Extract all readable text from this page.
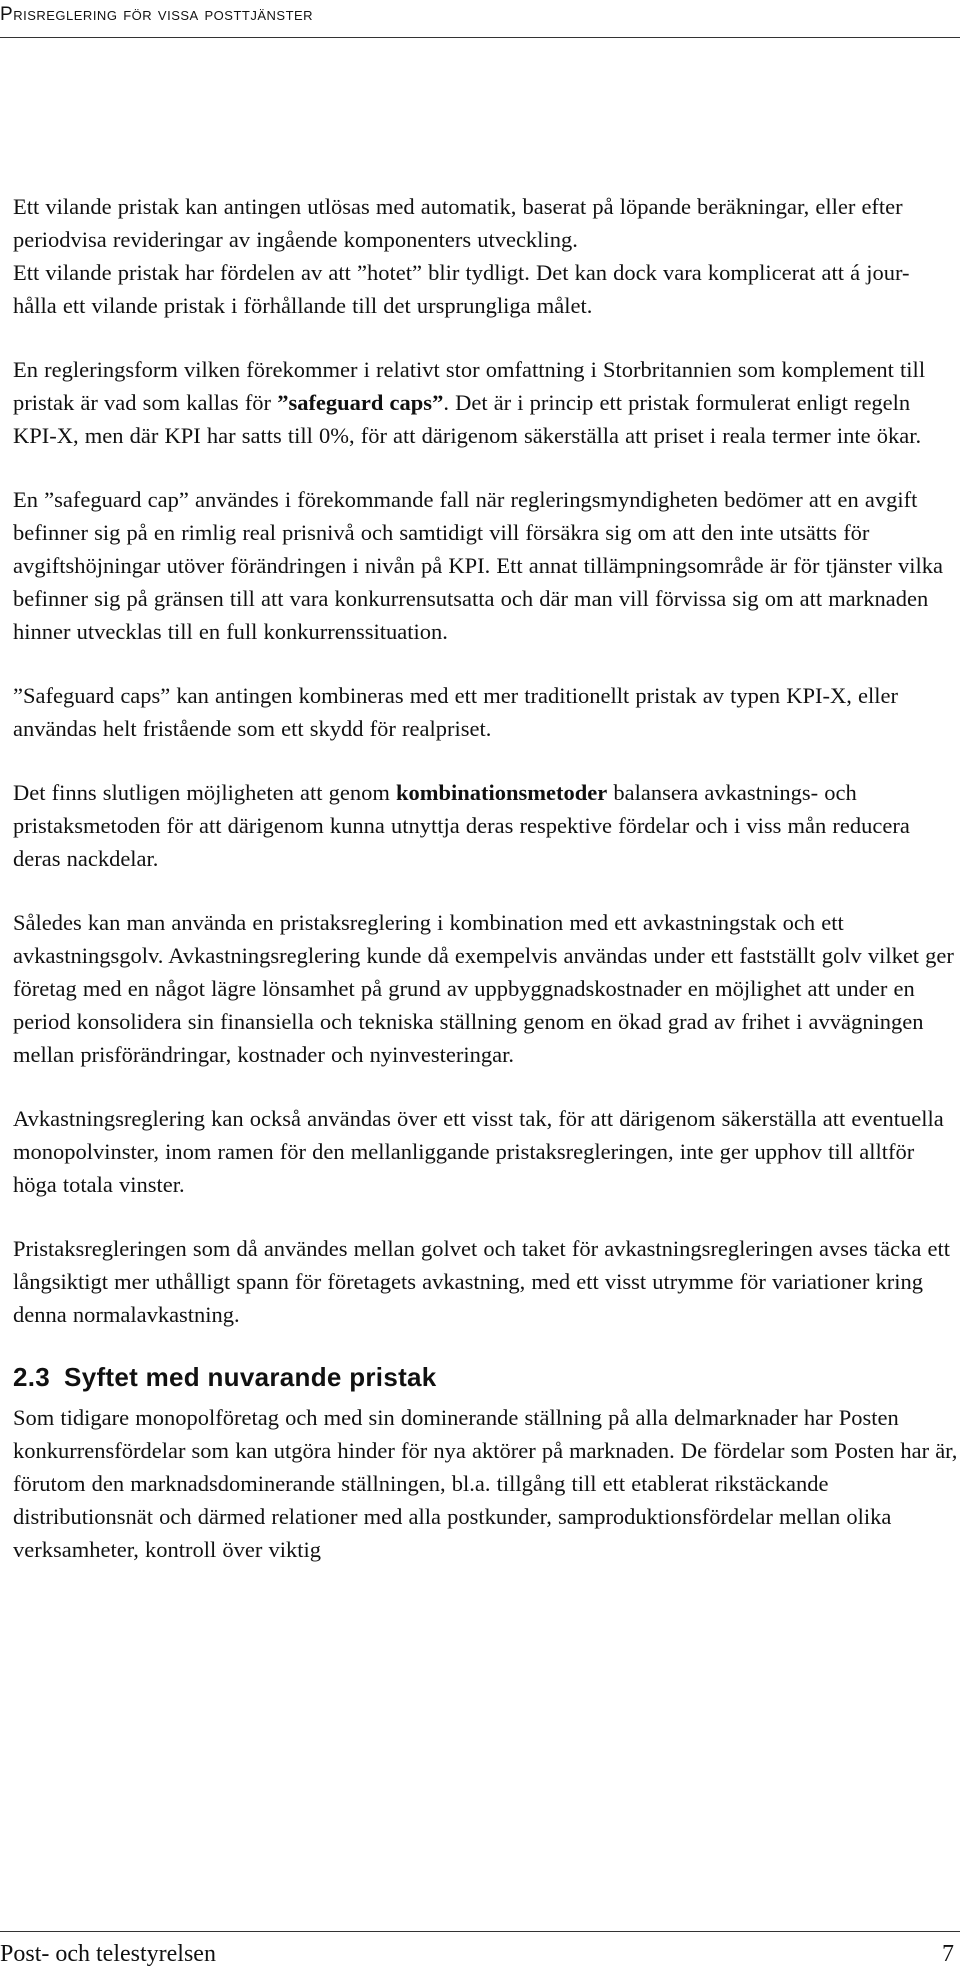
Prisreglering för vissa posttjänster

Ett vilande pristak kan antingen utlösas med automatik, baserat på löpande beräkningar, eller efter periodvisa revideringar av ingående komponenters utveckling.

Ett vilande pristak har fördelen av att ”hotet” blir tydligt. Det kan dock vara komplicerat att á jour- hålla ett vilande pristak i förhållande till det ursprungliga målet.

En regleringsform vilken förekommer i relativt stor omfattning i Storbritannien som komplement till pristak är vad som kallas för ”safeguard caps”. Det är i princip ett pristak formulerat enligt regeln KPI-X, men där KPI har satts till 0%, för att därigenom säkerställa att priset i reala termer inte ökar.

En ”safeguard cap” användes i förekommande fall när regleringsmyndigheten bedömer att en avgift befinner sig på en rimlig real prisnivå och samtidigt vill försäkra sig om att den inte utsätts för avgiftshöjningar utöver förändringen i nivån på KPI. Ett annat tillämpningsområde är för tjänster vilka befinner sig på gränsen till att vara konkurrensutsatta och där man vill förvissa sig om att marknaden hinner utvecklas till en full konkurrenssituation.

”Safeguard caps” kan antingen kombineras med ett mer traditionellt pristak av typen KPI-X, eller användas helt fristående som ett skydd för realpriset.

Det finns slutligen möjligheten att genom kombinationsmetoder balansera avkastnings- och pristaksmetoden för att därigenom kunna utnyttja deras respektive fördelar och i viss mån reducera deras nackdelar.

Således kan man använda en pristaksreglering i kombination med ett avkastningstak och ett avkastningsgolv. Avkastningsreglering kunde då exempelvis användas under ett fastställt golv vilket ger företag med en något lägre lönsamhet på grund av uppbyggnadskostnader en möjlighet att under en period konsolidera sin finansiella och tekniska ställning genom en ökad grad av frihet i avvägningen mellan prisförändringar, kostnader och nyinvesteringar.

Avkastningsreglering kan också användas över ett visst tak, för att därigenom säkerställa att eventuella monopolvinster, inom ramen för den mellanliggande pristaksregleringen, inte ger upphov till alltför höga totala vinster.

Pristaksregleringen som då användes mellan golvet och taket för avkastningsregleringen avses täcka ett långsiktigt mer uthålligt spann för företagets avkastning, med ett visst utrymme för variationer kring denna normalavkastning.

2.3 Syftet med nuvarande pristak

Som tidigare monopolföretag och med sin dominerande ställning på alla delmarknader har Posten konkurrensfördelar som kan utgöra hinder för nya aktörer på marknaden. De fördelar som Posten har är, förutom den marknadsdominerande ställningen, bl.a. tillgång till ett etablerat rikstäckande distributionsnät och därmed relationer med alla postkunder, samproduktionsfördelar mellan olika verksamheter, kontroll över viktig

Post- och telestyrelsen	7
